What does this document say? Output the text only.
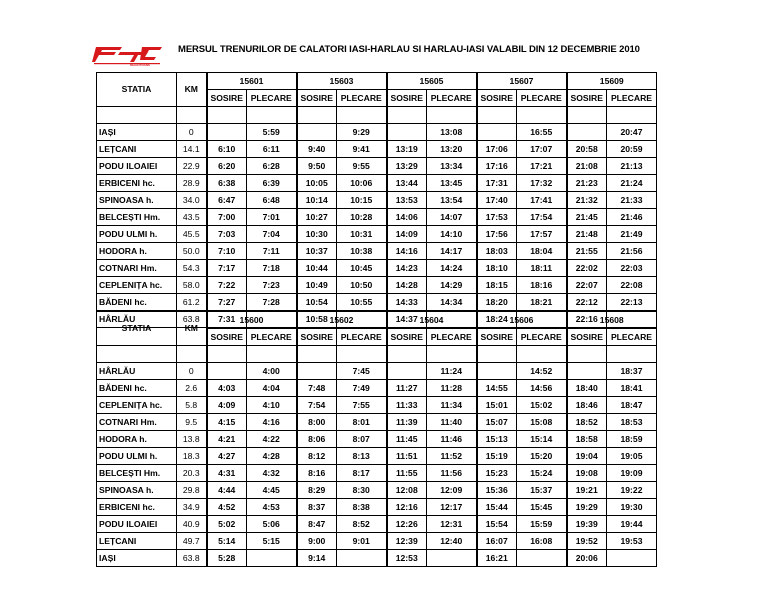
REGIOTRANS
MERSUL TRENURILOR DE CALATORI IASI-HARLAU SI HARLAU-IASI VALABIL DIN 12 DECEMBRIE 2010
STATIA	KM	15601		15603		15605		15607		15609	
		SOSIRE	PLECARE	SOSIRE	PLECARE	SOSIRE	PLECARE	SOSIRE	PLECARE	SOSIRE	PLECARE

IAȘI	0		5:59		9:29		13:08		16:55		20:47
LEȚCANI	14.1	6:10	6:11	9:40	9:41	13:19	13:20	17:06	17:07	20:58	20:59
PODU ILOAIEI	22.9	6:20	6:28	9:50	9:55	13:29	13:34	17:16	17:21	21:08	21:13
ERBICENI hc.	28.9	6:38	6:39	10:05	10:06	13:44	13:45	17:31	17:32	21:23	21:24
SPINOASA h.	34.0	6:47	6:48	10:14	10:15	13:53	13:54	17:40	17:41	21:32	21:33
BELCEȘTI Hm.	43.5	7:00	7:01	10:27	10:28	14:06	14:07	17:53	17:54	21:45	21:46
PODU ULMI h.	45.5	7:03	7:04	10:30	10:31	14:09	14:10	17:56	17:57	21:48	21:49
HODORA h.	50.0	7:10	7:11	10:37	10:38	14:16	14:17	18:03	18:04	21:55	21:56
COTNARI Hm.	54.3	7:17	7:18	10:44	10:45	14:23	14:24	18:10	18:11	22:02	22:03
CEPLENIȚA hc.	58.0	7:22	7:23	10:49	10:50	14:28	14:29	18:15	18:16	22:07	22:08
BĂDENI hc.	61.2	7:27	7:28	10:54	10:55	14:33	14:34	18:20	18:21	22:12	22:13
HÂRLĂU	63.8	7:31		10:58		14:37		18:24		22:16	
STATIA	KM	15600		15602		15604		15606		15608	
		SOSIRE	PLECARE	SOSIRE	PLECARE	SOSIRE	PLECARE	SOSIRE	PLECARE	SOSIRE	PLECARE

HÂRLĂU	0		4:00		7:45		11:24		14:52		18:37
BĂDENI hc.	2.6	4:03	4:04	7:48	7:49	11:27	11:28	14:55	14:56	18:40	18:41
CEPLENIȚA hc.	5.8	4:09	4:10	7:54	7:55	11:33	11:34	15:01	15:02	18:46	18:47
COTNARI Hm.	9.5	4:15	4:16	8:00	8:01	11:39	11:40	15:07	15:08	18:52	18:53
HODORA h.	13.8	4:21	4:22	8:06	8:07	11:45	11:46	15:13	15:14	18:58	18:59
PODU ULMI h.	18.3	4:27	4:28	8:12	8:13	11:51	11:52	15:19	15:20	19:04	19:05
BELCEȘTI Hm.	20.3	4:31	4:32	8:16	8:17	11:55	11:56	15:23	15:24	19:08	19:09
SPINOASA h.	29.8	4:44	4:45	8:29	8:30	12:08	12:09	15:36	15:37	19:21	19:22
ERBICENI hc.	34.9	4:52	4:53	8:37	8:38	12:16	12:17	15:44	15:45	19:29	19:30
PODU ILOAIEI	40.9	5:02	5:06	8:47	8:52	12:26	12:31	15:54	15:59	19:39	19:44
LEȚCANI	49.7	5:14	5:15	9:00	9:01	12:39	12:40	16:07	16:08	19:52	19:53
IAȘI	63.8	5:28		9:14		12:53		16:21		20:06	
